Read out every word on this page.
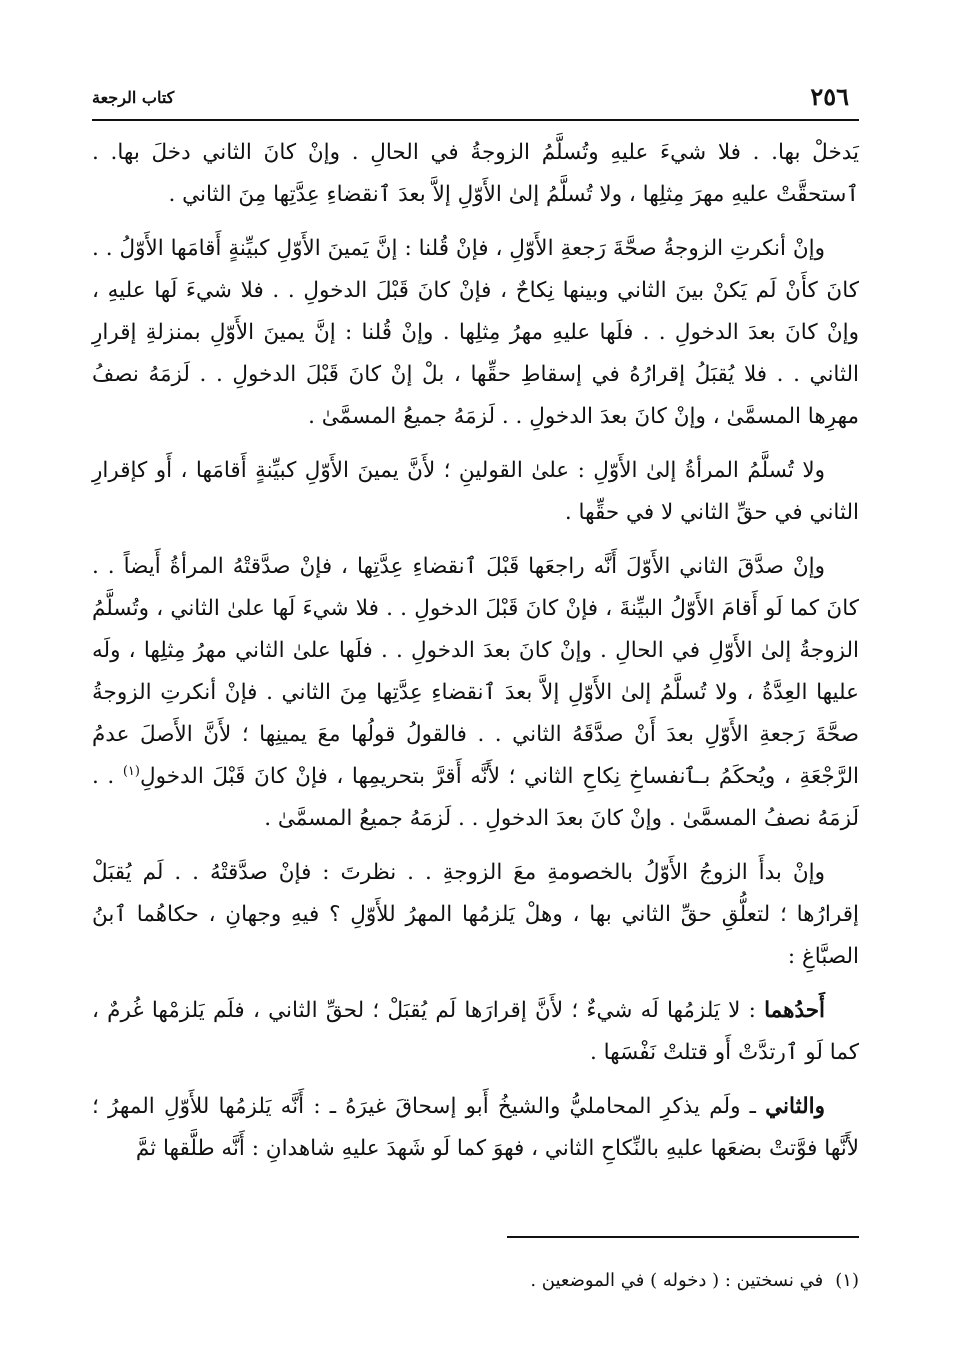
٢٥٦
كتاب الرجعة

يَدخلْ بها. . فلا شيءَ عليهِ وتُسلَّمُ الزوجةُ في الحالِ . وإنْ كانَ الثاني دخلَ بها. . ٱستحقَّتْ عليهِ مهرَ مِثلِها ، ولا تُسلَّمُ إلىٰ الأَوّلِ إلاَّ بعدَ ٱنقضاءِ عِدَّتِها مِنَ الثاني .

وإنْ أنكرتِ الزوجةُ صحَّةَ رَجعةِ الأَوّلِ ، فإنْ قُلنا : إنَّ يَمينَ الأَوّلِ كبيِّنةٍ أَقامَها الأَوّلُ . . كانَ كأَنْ لَم يَكنْ بينَ الثاني وبينها نِكاحٌ ، فإنْ كانَ قَبْلَ الدخولِ . . فلا شيءَ لَها عليهِ ، وإنْ كانَ بعدَ الدخولِ . . فلَها عليهِ مهرُ مِثلِها . وإنْ قُلنا : إنَّ يمينَ الأَوّلِ بمنزلةِ إقرارِ الثاني . . فلا يُقبَلُ إقرارُهُ في إسقاطِ حقِّها ، بلْ إنْ كانَ قَبْلَ الدخولِ . . لَزمَهُ نصفُ مهرِها المسمَّىٰ ، وإنْ كانَ بعدَ الدخولِ . . لَزمَهُ جميعُ المسمَّىٰ .

ولا تُسلَّمُ المرأةُ إلىٰ الأَوّلِ : علىٰ القولينِ ؛ لأَنَّ يمينَ الأَوّلِ كبيِّنةٍ أَقامَها ، أَو كإقرارِ الثاني في حقِّ الثاني لا في حقِّها .

وإنْ صدَّقَ الثاني الأَوّلَ أَنَّه راجعَها قَبْلَ ٱنقضاءِ عِدَّتِها ، فإنْ صدَّقتْهُ المرأةُ أَيضاً . . كانَ كما لَو أَقامَ الأَوّلُ البيِّنةَ ، فإنْ كانَ قَبْلَ الدخولِ . . فلا شيءَ لَها علىٰ الثاني ، وتُسلَّمُ الزوجةُ إلىٰ الأَوّلِ في الحالِ . وإنْ كانَ بعدَ الدخولِ . . فلَها علىٰ الثاني مهرُ مِثلِها ، ولَه عليها العِدَّةُ ، ولا تُسلَّمُ إلىٰ الأَوّلِ إلاَّ بعدَ ٱنقضاءِ عِدَّتِها مِنَ الثاني . فإنْ أنكرتِ الزوجةُ صحَّةَ رَجعةِ الأَوّلِ بعدَ أَنْ صدَّقَهُ الثاني . . فالقولُ قولُها معَ يمينِها ؛ لأَنَّ الأَصلَ عدمُ الرَّجْعَةِ ، ويُحكَمُ بـٱنفساخِ نِكاحِ الثاني ؛ لأَنَّه أَقرَّ بتحريمِها ، فإنْ كانَ قَبْلَ الدخولِ$^{(١)}$ . . لَزمَهُ نصفُ المسمَّىٰ . وإنْ كانَ بعدَ الدخولِ . . لَزمَهُ جميعُ المسمَّىٰ .

وإنْ بدأَ الزوجُ الأَوّلُ بالخصومةِ معَ الزوجةِ . . نظرتَ : فإنْ صدَّقتْهُ . . لَم يُقبَلْ إقرارُها ؛ لتعلُّقِ حقِّ الثاني بها ، وهلْ يَلزمُها المهرُ للأَوّلِ ؟ فيهِ وجهانِ ، حكاهُما ٱبنُ الصبَّاغِ :

أَحدُهما : لا يَلزمُها لَه شيءٌ ؛ لأَنَّ إقرارَها لَم يُقبَلْ ؛ لحقِّ الثاني ، فلَم يَلزمْها غُرمٌ ، كما لَو ٱرتدَّتْ أَو قتلتْ نَفْسَها .

والثاني ـ ولَم يذكرِ المحامليُّ والشيخُ أَبو إسحاقَ غيرَهُ ـ : أَنَّه يَلزمُها للأَوّلِ المهرُ ؛ لأَنَّها فوَّتتْ بضعَها عليهِ بالنِّكاحِ الثاني ، فهوَ كما لَو شَهدَ عليهِ شاهدانِ : أَنَّه طلَّقها ثمَّ

(١)في نسختين : ( دخوله ) في الموضعين .
